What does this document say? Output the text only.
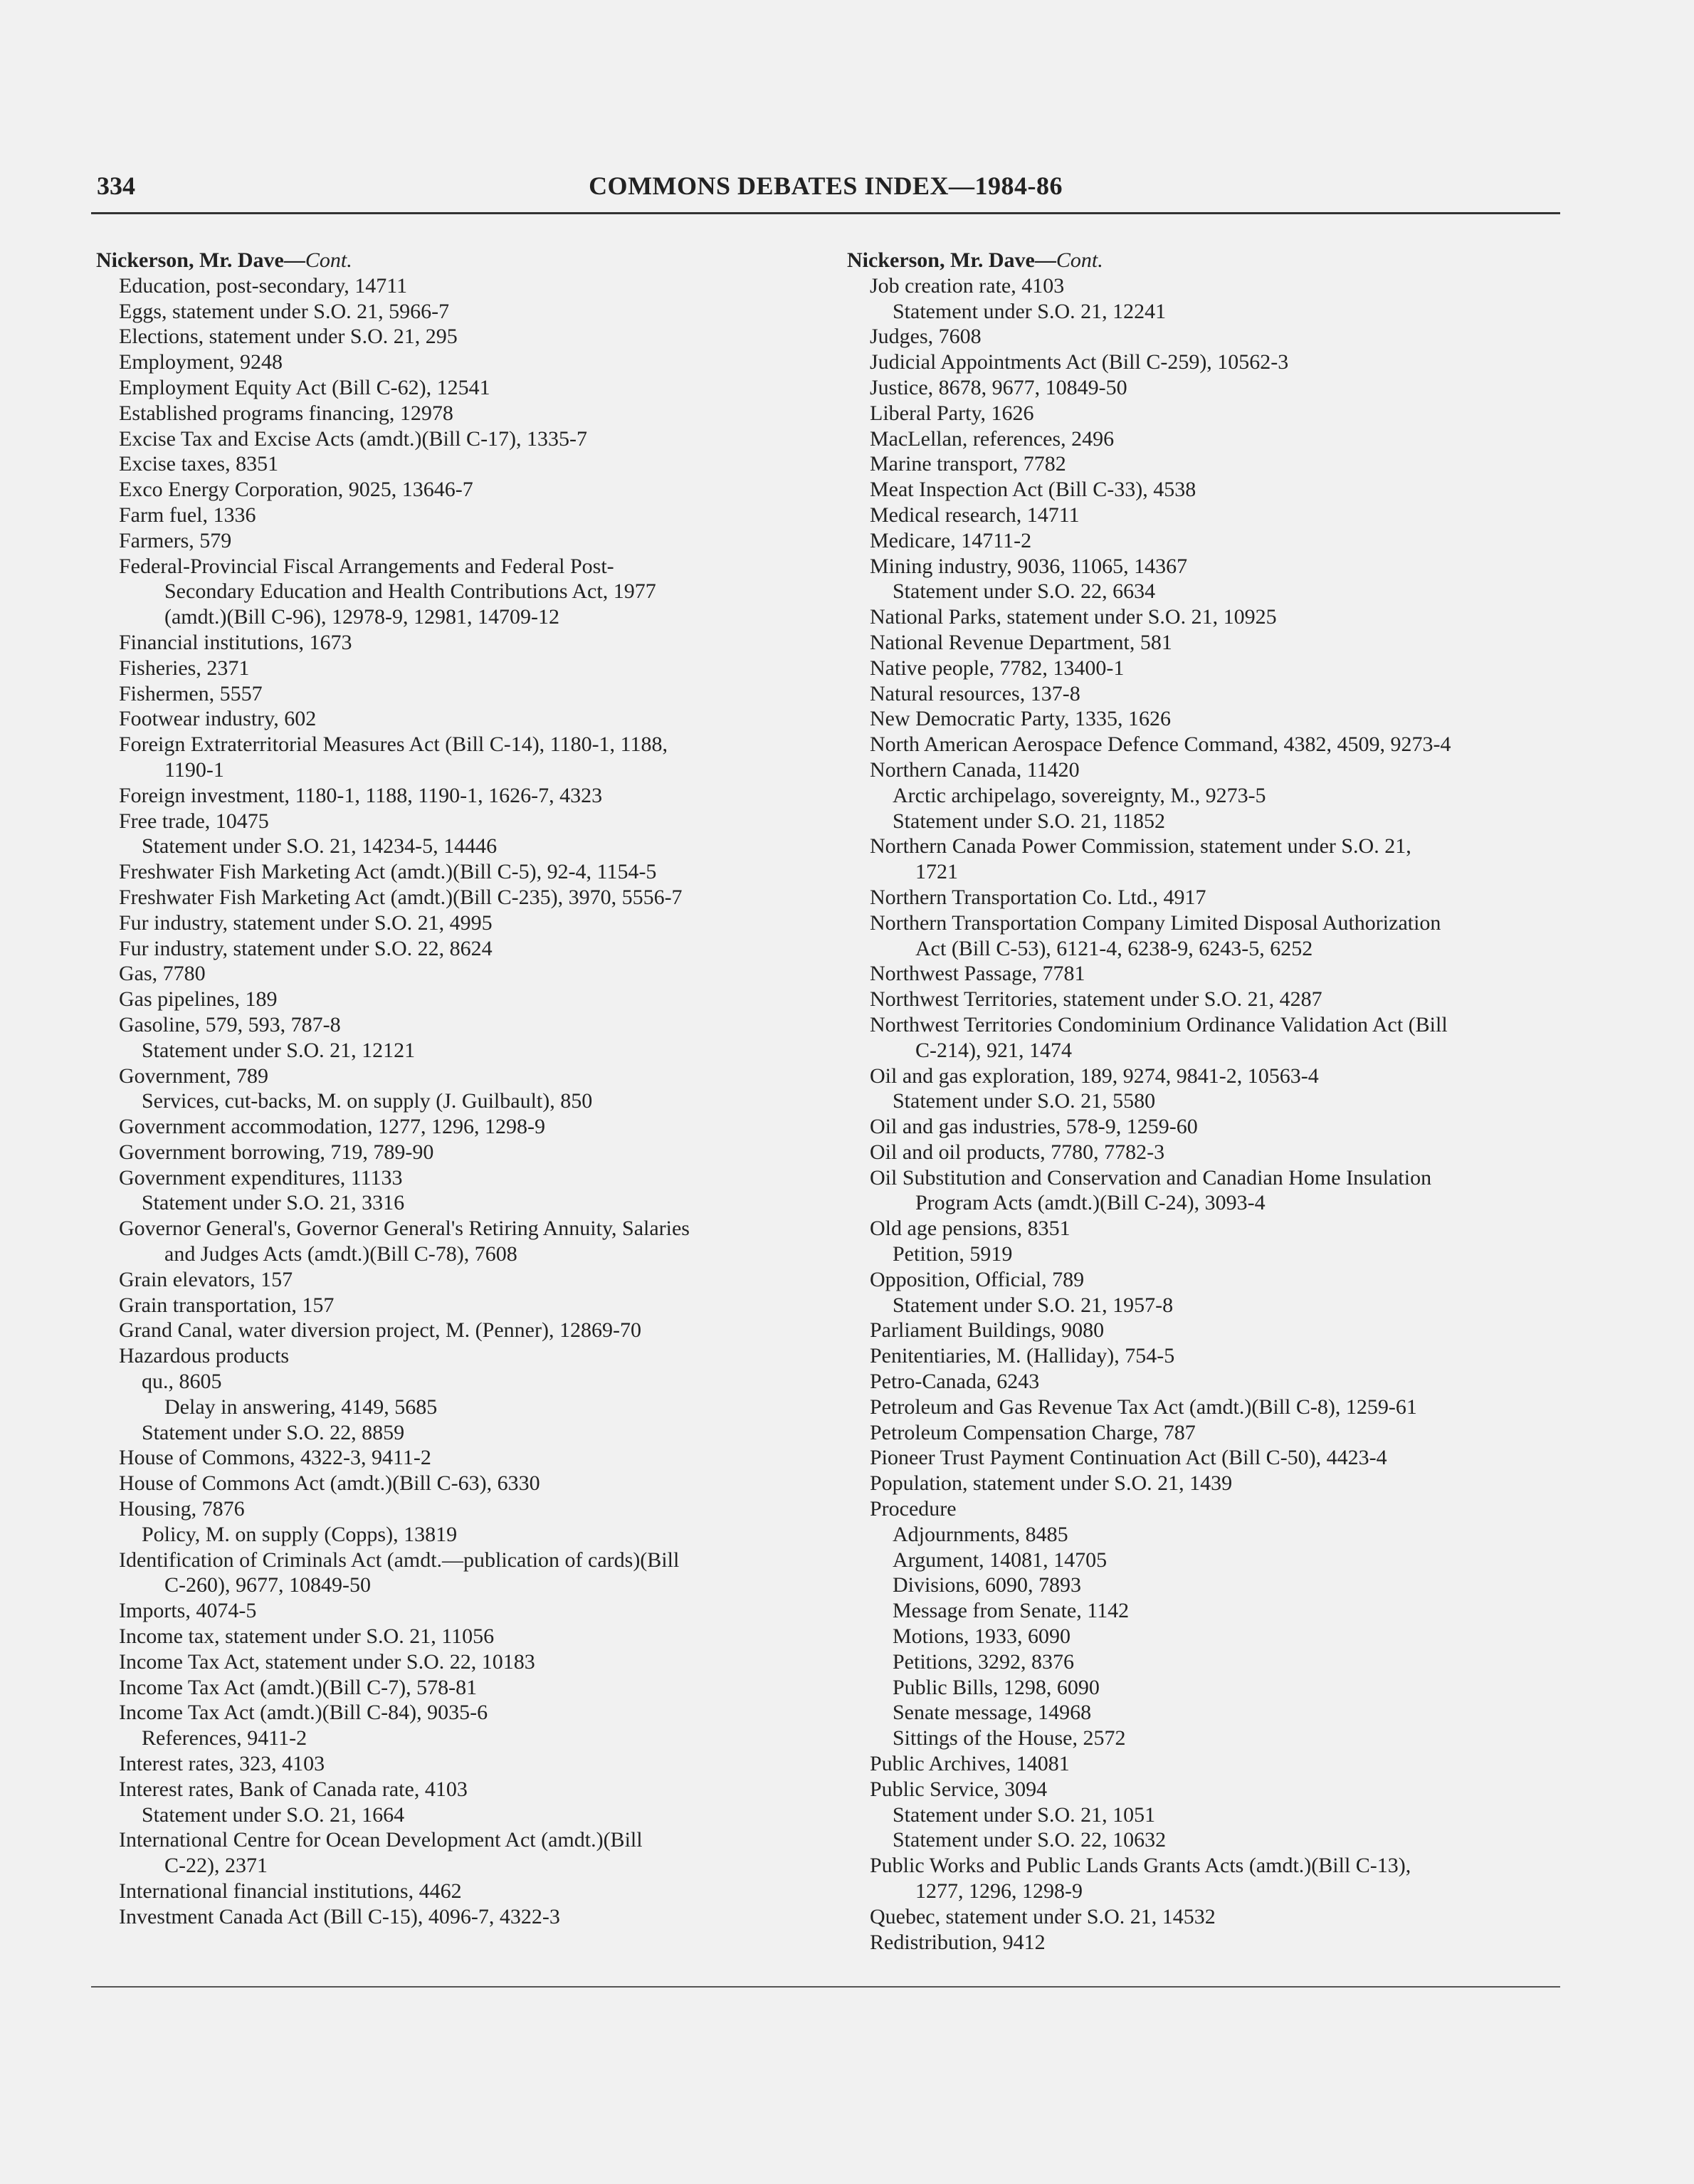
334	COMMONS DEBATES INDEX—1984-86
Nickerson, Mr. Dave—Cont.
Education, post-secondary, 14711
Eggs, statement under S.O. 21, 5966-7
Elections, statement under S.O. 21, 295
Employment, 9248
Employment Equity Act (Bill C-62), 12541
Established programs financing, 12978
Excise Tax and Excise Acts (amdt.)(Bill C-17), 1335-7
Excise taxes, 8351
Exco Energy Corporation, 9025, 13646-7
Farm fuel, 1336
Farmers, 579
Federal-Provincial Fiscal Arrangements and Federal Post-
Secondary Education and Health Contributions Act, 1977
(amdt.)(Bill C-96), 12978-9, 12981, 14709-12
Financial institutions, 1673
Fisheries, 2371
Fishermen, 5557
Footwear industry, 602
Foreign Extraterritorial Measures Act (Bill C-14), 1180-1, 1188,
1190-1
Foreign investment, 1180-1, 1188, 1190-1, 1626-7, 4323
Free trade, 10475
Statement under S.O. 21, 14234-5, 14446
Freshwater Fish Marketing Act (amdt.)(Bill C-5), 92-4, 1154-5
Freshwater Fish Marketing Act (amdt.)(Bill C-235), 3970, 5556-7
Fur industry, statement under S.O. 21, 4995
Fur industry, statement under S.O. 22, 8624
Gas, 7780
Gas pipelines, 189
Gasoline, 579, 593, 787-8
Statement under S.O. 21, 12121
Government, 789
Services, cut-backs, M. on supply (J. Guilbault), 850
Government accommodation, 1277, 1296, 1298-9
Government borrowing, 719, 789-90
Government expenditures, 11133
Statement under S.O. 21, 3316
Governor General's, Governor General's Retiring Annuity, Salaries
and Judges Acts (amdt.)(Bill C-78), 7608
Grain elevators, 157
Grain transportation, 157
Grand Canal, water diversion project, M. (Penner), 12869-70
Hazardous products
qu., 8605
Delay in answering, 4149, 5685
Statement under S.O. 22, 8859
House of Commons, 4322-3, 9411-2
House of Commons Act (amdt.)(Bill C-63), 6330
Housing, 7876
Policy, M. on supply (Copps), 13819
Identification of Criminals Act (amdt.—publication of cards)(Bill
C-260), 9677, 10849-50
Imports, 4074-5
Income tax, statement under S.O. 21, 11056
Income Tax Act, statement under S.O. 22, 10183
Income Tax Act (amdt.)(Bill C-7), 578-81
Income Tax Act (amdt.)(Bill C-84), 9035-6
References, 9411-2
Interest rates, 323, 4103
Interest rates, Bank of Canada rate, 4103
Statement under S.O. 21, 1664
International Centre for Ocean Development Act (amdt.)(Bill
C-22), 2371
International financial institutions, 4462
Investment Canada Act (Bill C-15), 4096-7, 4322-3
Nickerson, Mr. Dave—Cont.
Job creation rate, 4103
Statement under S.O. 21, 12241
Judges, 7608
Judicial Appointments Act (Bill C-259), 10562-3
Justice, 8678, 9677, 10849-50
Liberal Party, 1626
MacLellan, references, 2496
Marine transport, 7782
Meat Inspection Act (Bill C-33), 4538
Medical research, 14711
Medicare, 14711-2
Mining industry, 9036, 11065, 14367
Statement under S.O. 22, 6634
National Parks, statement under S.O. 21, 10925
National Revenue Department, 581
Native people, 7782, 13400-1
Natural resources, 137-8
New Democratic Party, 1335, 1626
North American Aerospace Defence Command, 4382, 4509, 9273-4
Northern Canada, 11420
Arctic archipelago, sovereignty, M., 9273-5
Statement under S.O. 21, 11852
Northern Canada Power Commission, statement under S.O. 21,
1721
Northern Transportation Co. Ltd., 4917
Northern Transportation Company Limited Disposal Authorization
Act (Bill C-53), 6121-4, 6238-9, 6243-5, 6252
Northwest Passage, 7781
Northwest Territories, statement under S.O. 21, 4287
Northwest Territories Condominium Ordinance Validation Act (Bill
C-214), 921, 1474
Oil and gas exploration, 189, 9274, 9841-2, 10563-4
Statement under S.O. 21, 5580
Oil and gas industries, 578-9, 1259-60
Oil and oil products, 7780, 7782-3
Oil Substitution and Conservation and Canadian Home Insulation
Program Acts (amdt.)(Bill C-24), 3093-4
Old age pensions, 8351
Petition, 5919
Opposition, Official, 789
Statement under S.O. 21, 1957-8
Parliament Buildings, 9080
Penitentiaries, M. (Halliday), 754-5
Petro-Canada, 6243
Petroleum and Gas Revenue Tax Act (amdt.)(Bill C-8), 1259-61
Petroleum Compensation Charge, 787
Pioneer Trust Payment Continuation Act (Bill C-50), 4423-4
Population, statement under S.O. 21, 1439
Procedure
Adjournments, 8485
Argument, 14081, 14705
Divisions, 6090, 7893
Message from Senate, 1142
Motions, 1933, 6090
Petitions, 3292, 8376
Public Bills, 1298, 6090
Senate message, 14968
Sittings of the House, 2572
Public Archives, 14081
Public Service, 3094
Statement under S.O. 21, 1051
Statement under S.O. 22, 10632
Public Works and Public Lands Grants Acts (amdt.)(Bill C-13),
1277, 1296, 1298-9
Quebec, statement under S.O. 21, 14532
Redistribution, 9412
